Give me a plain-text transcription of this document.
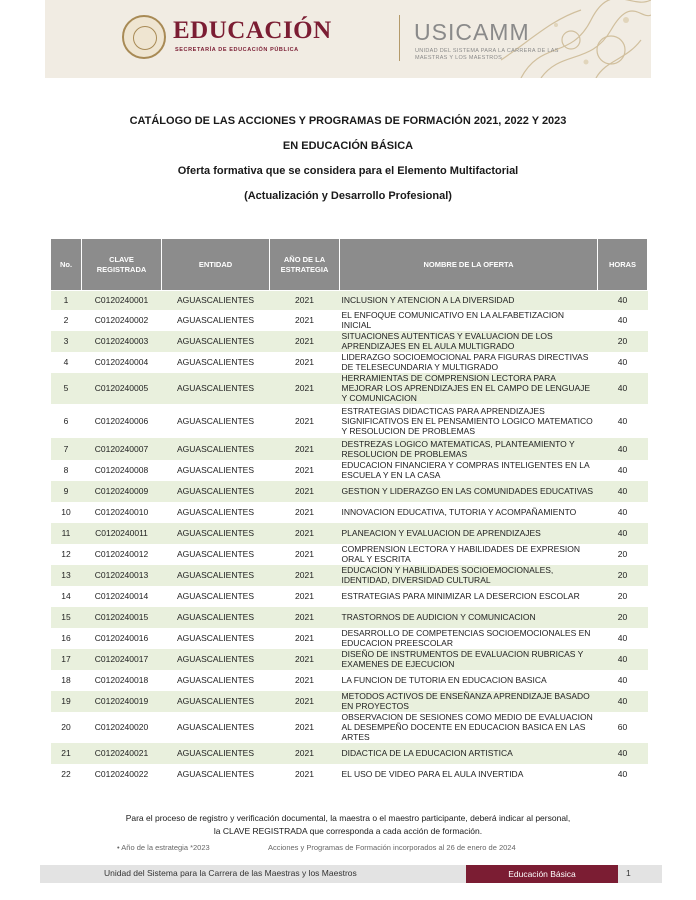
EDUCACIÓN
SECRETARÍA DE EDUCACIÓN PÚBLICA
USICAMM
UNIDAD DEL SISTEMA PARA LA CARRERA DE LAS MAESTRAS Y LOS MAESTROS
CATÁLOGO DE LAS ACCIONES Y PROGRAMAS DE FORMACIÓN 2021, 2022 Y 2023
EN EDUCACIÓN BÁSICA
Oferta formativa que se considera para el Elemento Multifactorial
(Actualización y Desarrollo Profesional)
No.	CLAVE REGISTRADA	ENTIDAD	AÑO DE LA ESTRATEGIA	NOMBRE DE LA OFERTA	HORAS
1	C0120240001	AGUASCALIENTES	2021	INCLUSION Y ATENCION A LA DIVERSIDAD	40
2	C0120240002	AGUASCALIENTES	2021	EL ENFOQUE COMUNICATIVO EN LA ALFABETIZACION INICIAL	40
3	C0120240003	AGUASCALIENTES	2021	SITUACIONES AUTENTICAS Y EVALUACION DE LOS APRENDIZAJES EN EL AULA MULTIGRADO	20
4	C0120240004	AGUASCALIENTES	2021	LIDERAZGO SOCIOEMOCIONAL PARA FIGURAS DIRECTIVAS DE TELESECUNDARIA Y MULTIGRADO	40
5	C0120240005	AGUASCALIENTES	2021	HERRAMIENTAS DE COMPRENSION LECTORA PARA MEJORAR LOS APRENDIZAJES EN EL CAMPO DE LENGUAJE Y COMUNICACION	40
6	C0120240006	AGUASCALIENTES	2021	ESTRATEGIAS DIDACTICAS PARA APRENDIZAJES SIGNIFICATIVOS EN EL PENSAMIENTO LOGICO MATEMATICO Y RESOLUCION DE PROBLEMAS	40
7	C0120240007	AGUASCALIENTES	2021	DESTREZAS LOGICO MATEMATICAS, PLANTEAMIENTO Y RESOLUCION DE PROBLEMAS	40
8	C0120240008	AGUASCALIENTES	2021	EDUCACION FINANCIERA Y COMPRAS INTELIGENTES EN LA ESCUELA Y EN LA CASA	40
9	C0120240009	AGUASCALIENTES	2021	GESTION Y LIDERAZGO EN LAS COMUNIDADES EDUCATIVAS	40
10	C0120240010	AGUASCALIENTES	2021	INNOVACION EDUCATIVA, TUTORIA Y ACOMPAÑAMIENTO	40
11	C0120240011	AGUASCALIENTES	2021	PLANEACION Y EVALUACION DE APRENDIZAJES	40
12	C0120240012	AGUASCALIENTES	2021	COMPRENSION LECTORA Y HABILIDADES DE EXPRESION ORAL Y ESCRITA	20
13	C0120240013	AGUASCALIENTES	2021	EDUCACION Y HABILIDADES SOCIOEMOCIONALES, IDENTIDAD, DIVERSIDAD CULTURAL	20
14	C0120240014	AGUASCALIENTES	2021	ESTRATEGIAS PARA MINIMIZAR LA DESERCION ESCOLAR	20
15	C0120240015	AGUASCALIENTES	2021	TRASTORNOS DE AUDICION Y COMUNICACION	20
16	C0120240016	AGUASCALIENTES	2021	DESARROLLO DE COMPETENCIAS SOCIOEMOCIONALES EN EDUCACION PREESCOLAR	40
17	C0120240017	AGUASCALIENTES	2021	DISEÑO DE INSTRUMENTOS DE EVALUACION RUBRICAS Y EXAMENES DE EJECUCION	40
18	C0120240018	AGUASCALIENTES	2021	LA FUNCION DE TUTORIA EN EDUCACION BASICA	40
19	C0120240019	AGUASCALIENTES	2021	METODOS ACTIVOS DE ENSEÑANZA APRENDIZAJE BASADO EN PROYECTOS	40
20	C0120240020	AGUASCALIENTES	2021	OBSERVACION DE SESIONES COMO MEDIO DE EVALUACION AL DESEMPEÑO DOCENTE EN EDUCACION BASICA EN LAS ARTES	60
21	C0120240021	AGUASCALIENTES	2021	DIDACTICA DE LA EDUCACION ARTISTICA	40
22	C0120240022	AGUASCALIENTES	2021	EL USO DE VIDEO PARA EL AULA INVERTIDA	40
Para el proceso de registro y verificación documental, la maestra o el maestro participante, deberá indicar al personal,
la CLAVE REGISTRADA que corresponda a cada acción de formación.
• Año de la estrategia *2023	Acciones y Programas de Formación incorporados al 26 de enero de 2024
Unidad del Sistema para la Carrera de las Maestras y los Maestros	Educación Básica	1
